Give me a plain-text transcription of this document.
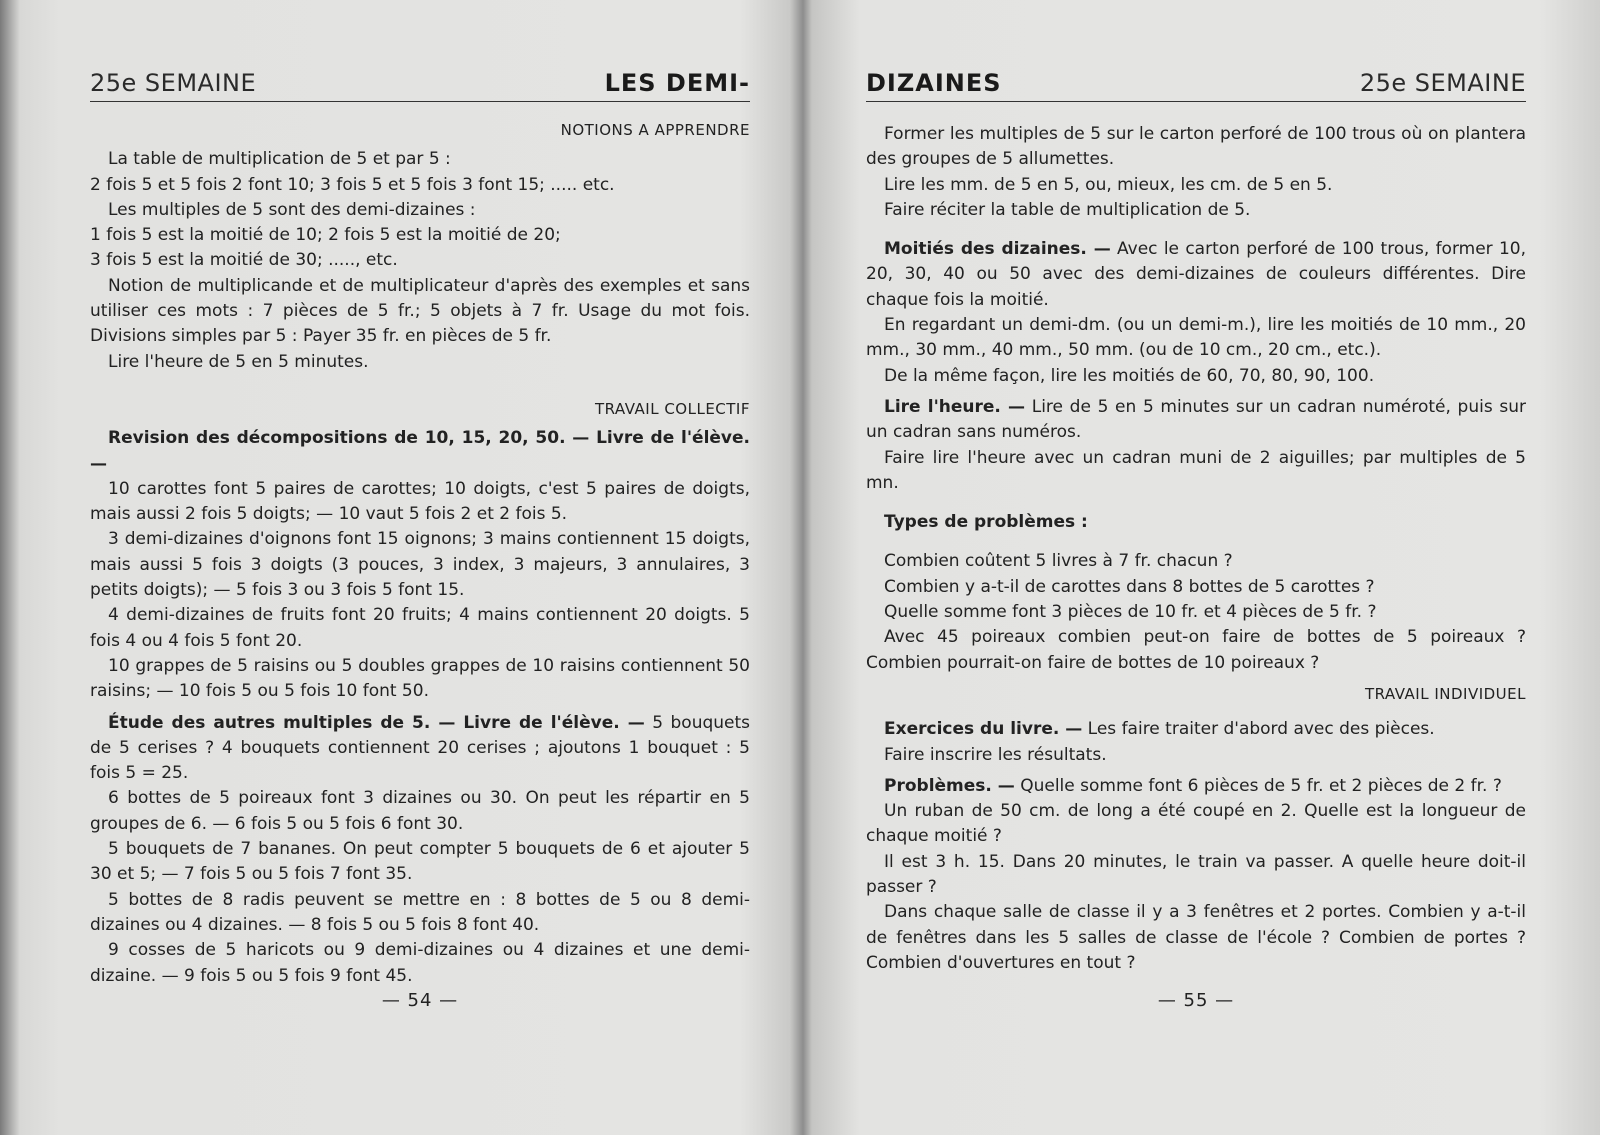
25e SEMAINE	LES DEMI-
NOTIONS A APPRENDRE

La table de multiplication de 5 et par 5 :

2 fois 5 et 5 fois 2 font 10; 3 fois 5 et 5 fois 3 font 15; ..... etc.

Les multiples de 5 sont des demi-dizaines :

1 fois 5 est la moitié de 10; 2 fois 5 est la moitié de 20;

3 fois 5 est la moitié de 30; ....., etc.

Notion de multiplicande et de multiplicateur d'après des exemples et sans utiliser ces mots : 7 pièces de 5 fr.; 5 objets à 7 fr. Usage du mot fois. Divisions simples par 5 : Payer 35 fr. en pièces de 5 fr.

Lire l'heure de 5 en 5 minutes.

TRAVAIL COLLECTIF

Revision des décompositions de 10, 15, 20, 50. — Livre de l'élève. —

10 carottes font 5 paires de carottes; 10 doigts, c'est 5 paires de doigts, mais aussi 2 fois 5 doigts; — 10 vaut 5 fois 2 et 2 fois 5.

3 demi-dizaines d'oignons font 15 oignons; 3 mains contiennent 15 doigts, mais aussi 5 fois 3 doigts (3 pouces, 3 index, 3 majeurs, 3 annulaires, 3 petits doigts); — 5 fois 3 ou 3 fois 5 font 15.

4 demi-dizaines de fruits font 20 fruits; 4 mains contiennent 20 doigts. 5 fois 4 ou 4 fois 5 font 20.

10 grappes de 5 raisins ou 5 doubles grappes de 10 raisins contiennent 50 raisins; — 10 fois 5 ou 5 fois 10 font 50.

Étude des autres multiples de 5. — Livre de l'élève. — 5 bouquets de 5 cerises ? 4 bouquets contiennent 20 cerises ; ajoutons 1 bouquet : 5 fois 5 = 25.

6 bottes de 5 poireaux font 3 dizaines ou 30. On peut les répartir en 5 groupes de 6. — 6 fois 5 ou 5 fois 6 font 30.

5 bouquets de 7 bananes. On peut compter 5 bouquets de 6 et ajouter 5 30 et 5; — 7 fois 5 ou 5 fois 7 font 35.

5 bottes de 8 radis peuvent se mettre en : 8 bottes de 5 ou 8 demi-dizaines ou 4 dizaines. — 8 fois 5 ou 5 fois 8 font 40.

9 cosses de 5 haricots ou 9 demi-dizaines ou 4 dizaines et une demi-dizaine. — 9 fois 5 ou 5 fois 9 font 45.

— 54 —
DIZAINES	25e SEMAINE

Former les multiples de 5 sur le carton perforé de 100 trous où on plantera des groupes de 5 allumettes.

Lire les mm. de 5 en 5, ou, mieux, les cm. de 5 en 5.

Faire réciter la table de multiplication de 5.

Moitiés des dizaines. — Avec le carton perforé de 100 trous, former 10, 20, 30, 40 ou 50 avec des demi-dizaines de couleurs différentes. Dire chaque fois la moitié.

En regardant un demi-dm. (ou un demi-m.), lire les moitiés de 10 mm., 20 mm., 30 mm., 40 mm., 50 mm. (ou de 10 cm., 20 cm., etc.).

De la même façon, lire les moitiés de 60, 70, 80, 90, 100.

Lire l'heure. — Lire de 5 en 5 minutes sur un cadran numéroté, puis sur un cadran sans numéros.

Faire lire l'heure avec un cadran muni de 2 aiguilles; par multiples de 5 mn.

Types de problèmes :

Combien coûtent 5 livres à 7 fr. chacun ?

Combien y a-t-il de carottes dans 8 bottes de 5 carottes ?

Quelle somme font 3 pièces de 10 fr. et 4 pièces de 5 fr. ?

Avec 45 poireaux combien peut-on faire de bottes de 5 poireaux ? Combien pourrait-on faire de bottes de 10 poireaux ?

TRAVAIL INDIVIDUEL

Exercices du livre. — Les faire traiter d'abord avec des pièces.

Faire inscrire les résultats.

Problèmes. — Quelle somme font 6 pièces de 5 fr. et 2 pièces de 2 fr. ?

Un ruban de 50 cm. de long a été coupé en 2. Quelle est la longueur de chaque moitié ?

Il est 3 h. 15. Dans 20 minutes, le train va passer. A quelle heure doit-il passer ?

Dans chaque salle de classe il y a 3 fenêtres et 2 portes. Combien y a-t-il de fenêtres dans les 5 salles de classe de l'école ? Combien de portes ? Combien d'ouvertures en tout ?

— 55 —
